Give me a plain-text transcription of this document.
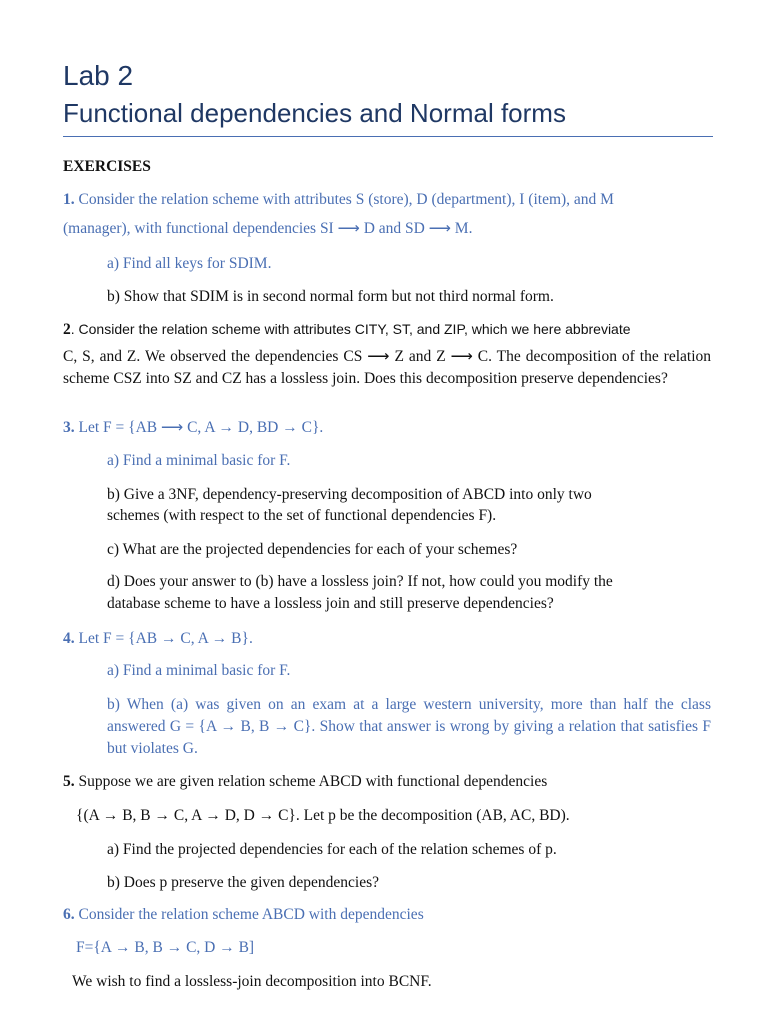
Lab 2
Functional dependencies and Normal forms
EXERCISES
1. Consider the relation scheme with attributes S (store), D (department), I (item), and M
(manager), with functional dependencies SI ⟶ D and SD ⟶ M.
a) Find all keys for SDIM.
b) Show that SDIM is in second normal form but not third normal form.
2. Consider the relation scheme with attributes CITY, ST, and ZIP, which we here abbreviate
C, S, and Z. We observed the dependencies CS ⟶ Z and Z ⟶ C. The decomposition of the relation scheme CSZ into SZ and CZ has a lossless join. Does this decomposition preserve dependencies?
3. Let F = {AB ⟶ C, A → D, BD → C}.
a) Find a minimal basic for F.
b) Give a 3NF, dependency-preserving decomposition of ABCD into only two
schemes (with respect to the set of functional dependencies F).
c) What are the projected dependencies for each of your schemes?
d) Does your answer to (b) have a lossless join? If not, how could you modify the
database scheme to have a lossless join and still preserve dependencies?
4. Let F = {AB → C, A → B}.
a) Find a minimal basic for F.
b) When (a) was given on an exam at a large western university, more than half the class answered G = {A → B, B → C}. Show that answer is wrong by giving a relation that satisfies F but violates G.
5. Suppose we are given relation scheme ABCD with functional dependencies
{(A → B, B → C, A → D, D → C}. Let p be the decomposition (AB, AC, BD).
a) Find the projected dependencies for each of the relation schemes of p.
b) Does p preserve the given dependencies?
6. Consider the relation scheme ABCD with dependencies
F={A → B, B → C, D → B]
We wish to find a lossless-join decomposition into BCNF.
